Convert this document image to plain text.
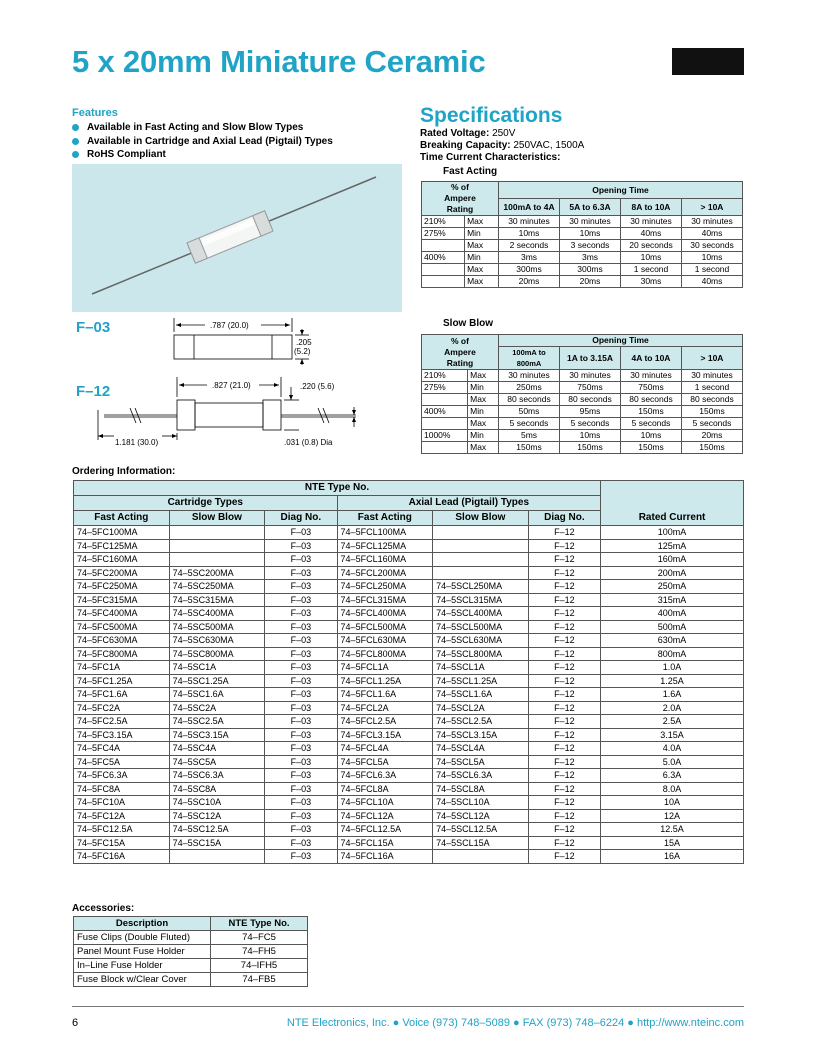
5 x 20mm Miniature Ceramic
Features
Available in Fast Acting and Slow Blow Types
Available in Cartridge and Axial Lead (Pigtail) Types
RoHS Compliant
F–03
F–12
.787 (20.0)
.205
(5.2)
.827 (21.0)	.220 (5.6)
1.181 (30.0)	.031 (0.8) Dia
Specifications
Rated Voltage: 250V
Breaking Capacity: 250VAC, 1500A
Time Current Characteristics:
Fast Acting
Slow Blow
% of
Ampere
Rating		Opening Time			
		100mA to 4A	5A to 6.3A	8A to 10A	> 10A
210%	Max	30 minutes	30 minutes	30 minutes	30 minutes
275%	Min	10ms	10ms	40ms	40ms
	Max	2 seconds	3 seconds	20 seconds	30 seconds
400%	Min	3ms	3ms	10ms	10ms
	Max	300ms	300ms	1 second	1 second
	Max	20ms	20ms	30ms	40ms
% of
Ampere
Rating		Opening Time			
		100mA to 800mA	1A to 3.15A	4A to 10A	> 10A
210%	Max	30 minutes	30 minutes	30 minutes	30 minutes
275%	Min	250ms	750ms	750ms	1 second
	Max	80 seconds	80 seconds	80 seconds	80 seconds
400%	Min	50ms	95ms	150ms	150ms
	Max	5 seconds	5 seconds	5 seconds	5 seconds
1000%	Min	5ms	10ms	10ms	20ms
	Max	150ms	150ms	150ms	150ms
Ordering Information:
NTE Type No.						Rated Current
Cartridge Types			Axial Lead (Pigtail) Types			
Fast Acting	Slow Blow	Diag No.	Fast Acting	Slow Blow	Diag No.	
74–5FC100MA		F–03	74–5FCL100MA		F–12	100mA
74–5FC125MA		F–03	74–5FCL125MA		F–12	125mA
74–5FC160MA		F–03	74–5FCL160MA		F–12	160mA
74–5FC200MA	74–5SC200MA	F–03	74–5FCL200MA		F–12	200mA
74–5FC250MA	74–5SC250MA	F–03	74–5FCL250MA	74–5SCL250MA	F–12	250mA
74–5FC315MA	74–5SC315MA	F–03	74–5FCL315MA	74–5SCL315MA	F–12	315mA
74–5FC400MA	74–5SC400MA	F–03	74–5FCL400MA	74–5SCL400MA	F–12	400mA
74–5FC500MA	74–5SC500MA	F–03	74–5FCL500MA	74–5SCL500MA	F–12	500mA
74–5FC630MA	74–5SC630MA	F–03	74–5FCL630MA	74–5SCL630MA	F–12	630mA
74–5FC800MA	74–5SC800MA	F–03	74–5FCL800MA	74–5SCL800MA	F–12	800mA
74–5FC1A	74–5SC1A	F–03	74–5FCL1A	74–5SCL1A	F–12	1.0A
74–5FC1.25A	74–5SC1.25A	F–03	74–5FCL1.25A	74–5SCL1.25A	F–12	1.25A
74–5FC1.6A	74–5SC1.6A	F–03	74–5FCL1.6A	74–5SCL1.6A	F–12	1.6A
74–5FC2A	74–5SC2A	F–03	74–5FCL2A	74–5SCL2A	F–12	2.0A
74–5FC2.5A	74–5SC2.5A	F–03	74–5FCL2.5A	74–5SCL2.5A	F–12	2.5A
74–5FC3.15A	74–5SC3.15A	F–03	74–5FCL3.15A	74–5SCL3.15A	F–12	3.15A
74–5FC4A	74–5SC4A	F–03	74–5FCL4A	74–5SCL4A	F–12	4.0A
74–5FC5A	74–5SC5A	F–03	74–5FCL5A	74–5SCL5A	F–12	5.0A
74–5FC6.3A	74–5SC6.3A	F–03	74–5FCL6.3A	74–5SCL6.3A	F–12	6.3A
74–5FC8A	74–5SC8A	F–03	74–5FCL8A	74–5SCL8A	F–12	8.0A
74–5FC10A	74–5SC10A	F–03	74–5FCL10A	74–5SCL10A	F–12	10A
74–5FC12A	74–5SC12A	F–03	74–5FCL12A	74–5SCL12A	F–12	12A
74–5FC12.5A	74–5SC12.5A	F–03	74–5FCL12.5A	74–5SCL12.5A	F–12	12.5A
74–5FC15A	74–5SC15A	F–03	74–5FCL15A	74–5SCL15A	F–12	15A
74–5FC16A		F–03	74–5FCL16A		F–12	16A
Accessories:
Description	NTE Type No.
Fuse Clips (Double Fluted)	74–FC5
Panel Mount Fuse Holder	74–FH5
In–Line Fuse Holder	74–IFH5
Fuse Block w/Clear Cover	74–FB5
6	NTE Electronics, Inc. ● Voice (973) 748–5089 ● FAX (973) 748–6224 ● http://www.nteinc.com
